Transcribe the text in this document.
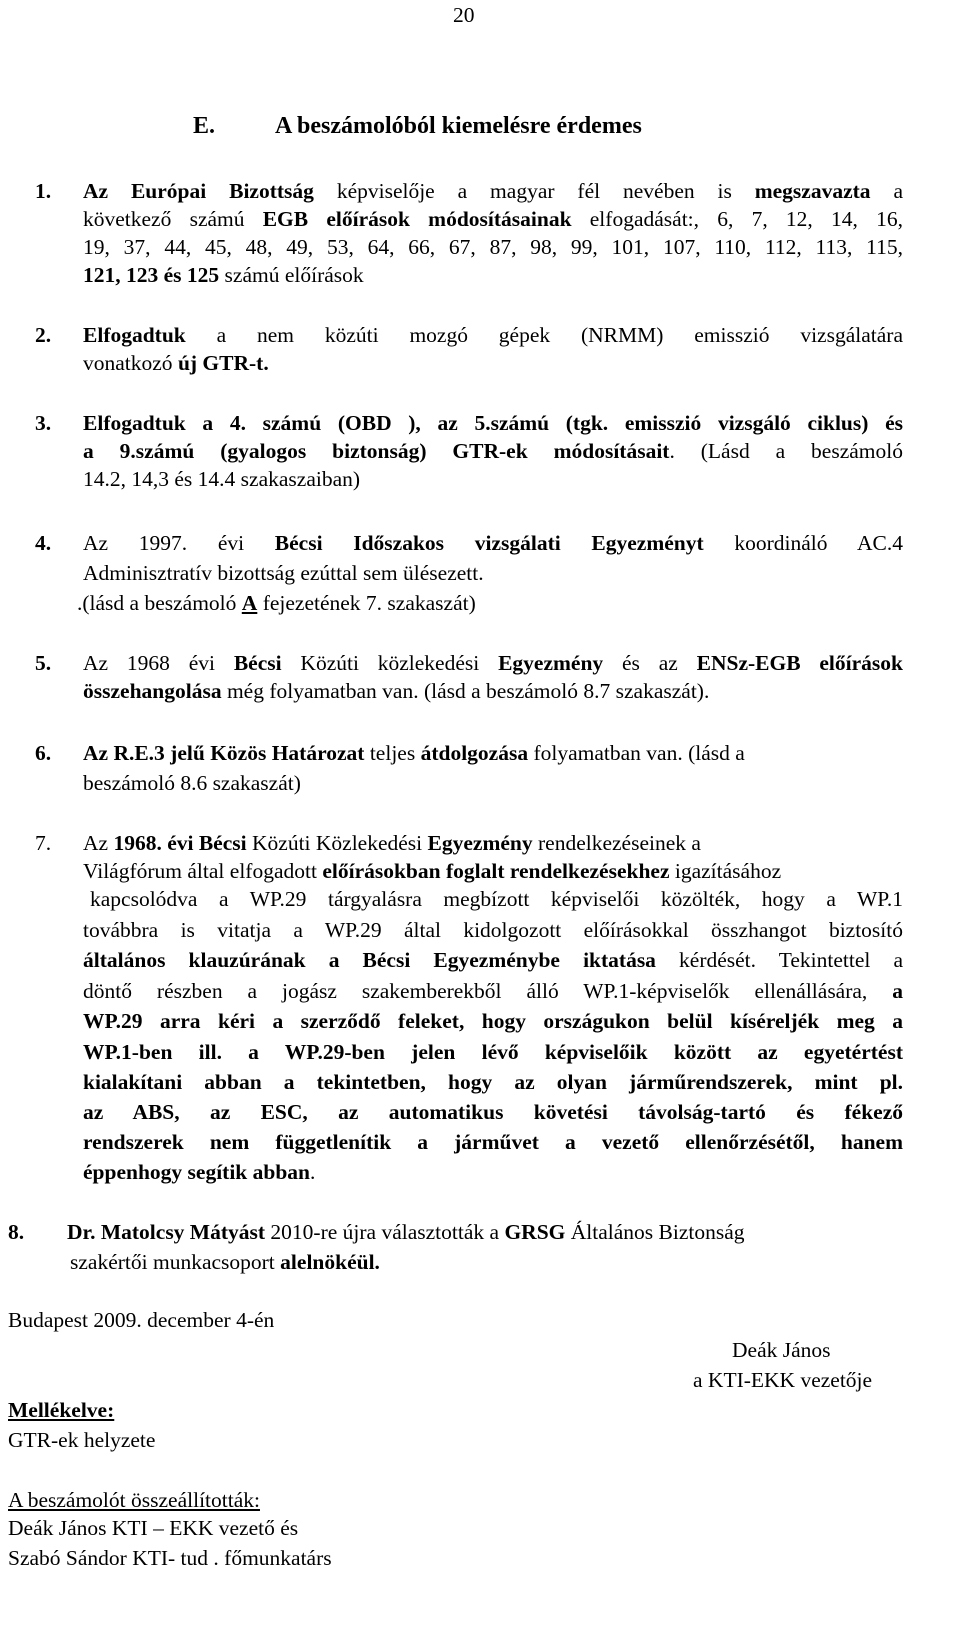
20
E. A beszámolóból kiemelésre érdemes
1. Az Európai Bizottság képviselője a magyar fél nevében is megszavazta a
következő számú EGB előírások módosításainak elfogadását:, 6, 7, 12, 14, 16,
19, 37, 44, 45, 48, 49, 53, 64, 66, 67, 87, 98, 99, 101, 107, 110, 112, 113, 115,
121, 123 és 125 számú előírások
2. Elfogadtuk a nem közúti mozgó gépek (NRMM) emisszió vizsgálatára
vonatkozó új GTR-t.
3. Elfogadtuk a 4. számú (OBD ), az 5.számú (tgk. emisszió vizsgáló ciklus) és
a 9.számú (gyalogos biztonság) GTR-ek módosításait. (Lásd a beszámoló
14.2, 14,3 és 14.4 szakaszaiban)
4. Az 1997. évi Bécsi Időszakos vizsgálati Egyezményt koordináló AC.4
Adminisztratív bizottság ezúttal sem ülésezett.
.(lásd a beszámoló A fejezetének 7. szakaszát)
5. Az 1968 évi Bécsi Közúti közlekedési Egyezmény és az ENSz-EGB előírások
összehangolása még folyamatban van. (lásd a beszámoló 8.7 szakaszát).
6. Az R.E.3 jelű Közös Határozat teljes átdolgozása folyamatban van. (lásd a
beszámoló 8.6 szakaszát)
7. Az 1968. évi Bécsi Közúti Közlekedési Egyezmény rendelkezéseinek a
Világfórum által elfogadott előírásokban foglalt rendelkezésekhez igazításához
kapcsolódva a WP.29 tárgyalásra megbízott képviselői közölték, hogy a WP.1
továbbra is vitatja a WP.29 által kidolgozott előírásokkal összhangot biztosító
általános klauzúrának a Bécsi Egyezménybe iktatása kérdését. Tekintettel a
döntő részben a jogász szakemberekből álló WP.1-képviselők ellenállására, a
WP.29 arra kéri a szerződő feleket, hogy országukon belül kíséreljék meg a
WP.1-ben ill. a WP.29-ben jelen lévő képviselőik között az egyetértést
kialakítani abban a tekintetben, hogy az olyan járműrendszerek, mint pl.
az ABS, az ESC, az automatikus követési távolság-tartó és fékező
rendszerek nem függetlenítik a járművet a vezető ellenőrzésétől, hanem
éppenhogy segítik abban.
8. Dr. Matolcsy Mátyást 2010-re újra választották a GRSG Általános Biztonság
szakértői munkacsoport alelnökéül.
Budapest 2009. december 4-én
Deák János
a KTI-EKK vezetője
Mellékelve:
GTR-ek helyzete
A beszámolót összeállították:
Deák János KTI – EKK vezető és
Szabó Sándor KTI- tud . főmunkatárs
